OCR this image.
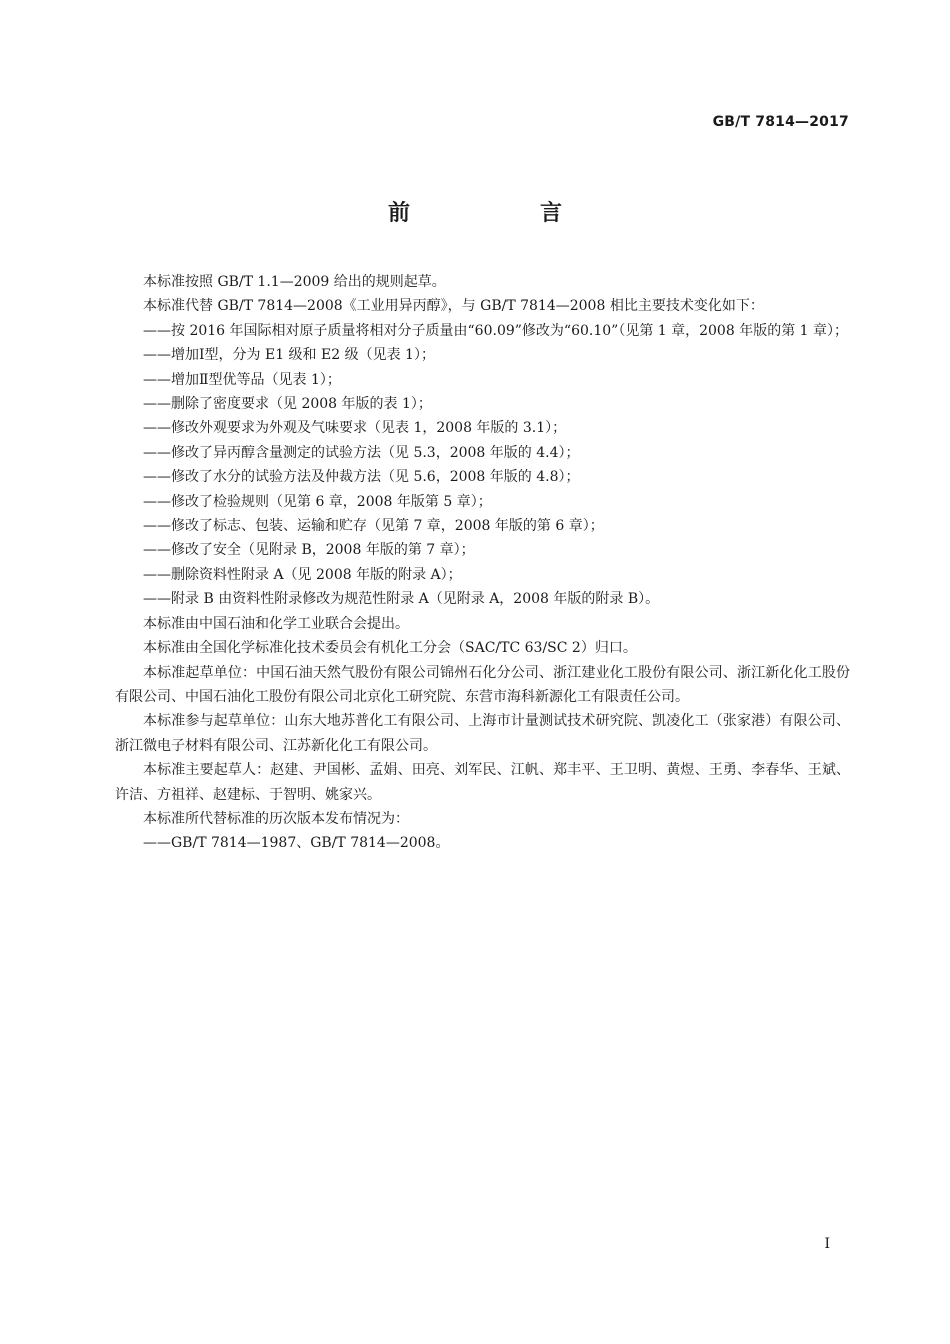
GB/T 7814—2017
前　言

本标准按照 GB/T 1.1—2009 给出的规则起草。

本标准代替 GB/T 7814—2008《工业用异丙醇》，与 GB/T 7814—2008 相比主要技术变化如下：

——按 2016 年国际相对原子质量将相对分子质量由“60.09”修改为“60.10”（见第 1 章，2008 年版的第 1 章）；

——增加Ⅰ型，分为 E1 级和 E2 级（见表 1）；

——增加Ⅱ型优等品（见表 1）；

——删除了密度要求（见 2008 年版的表 1）；

——修改外观要求为外观及气味要求（见表 1，2008 年版的 3.1）；

——修改了异丙醇含量测定的试验方法（见 5.3，2008 年版的 4.4）；

——修改了水分的试验方法及仲裁方法（见 5.6，2008 年版的 4.8）；

——修改了检验规则（见第 6 章，2008 年版第 5 章）；

——修改了标志、包装、运输和贮存（见第 7 章，2008 年版的第 6 章）；

——修改了安全（见附录 B，2008 年版的第 7 章）；

——删除资料性附录 A（见 2008 年版的附录 A）；

——附录 B 由资料性附录修改为规范性附录 A（见附录 A，2008 年版的附录 B）。

本标准由中国石油和化学工业联合会提出。

本标准由全国化学标准化技术委员会有机化工分会（SAC/TC 63/SC 2）归口。

本标准起草单位：中国石油天然气股份有限公司锦州石化分公司、浙江建业化工股份有限公司、浙江新化化工股份有限公司、中国石油化工股份有限公司北京化工研究院、东营市海科新源化工有限责任公司。

本标准参与起草单位：山东大地苏普化工有限公司、上海市计量测试技术研究院、凯凌化工（张家港）有限公司、浙江微电子材料有限公司、江苏新化化工有限公司。

本标准主要起草人：赵建、尹国彬、孟娟、田亮、刘军民、江帆、郑丰平、王卫明、黄煜、王勇、李春华、王斌、许洁、方祖祥、赵建标、于智明、姚家兴。

本标准所代替标准的历次版本发布情况为：

——GB/T 7814—1987、GB/T 7814—2008。

Ⅰ
